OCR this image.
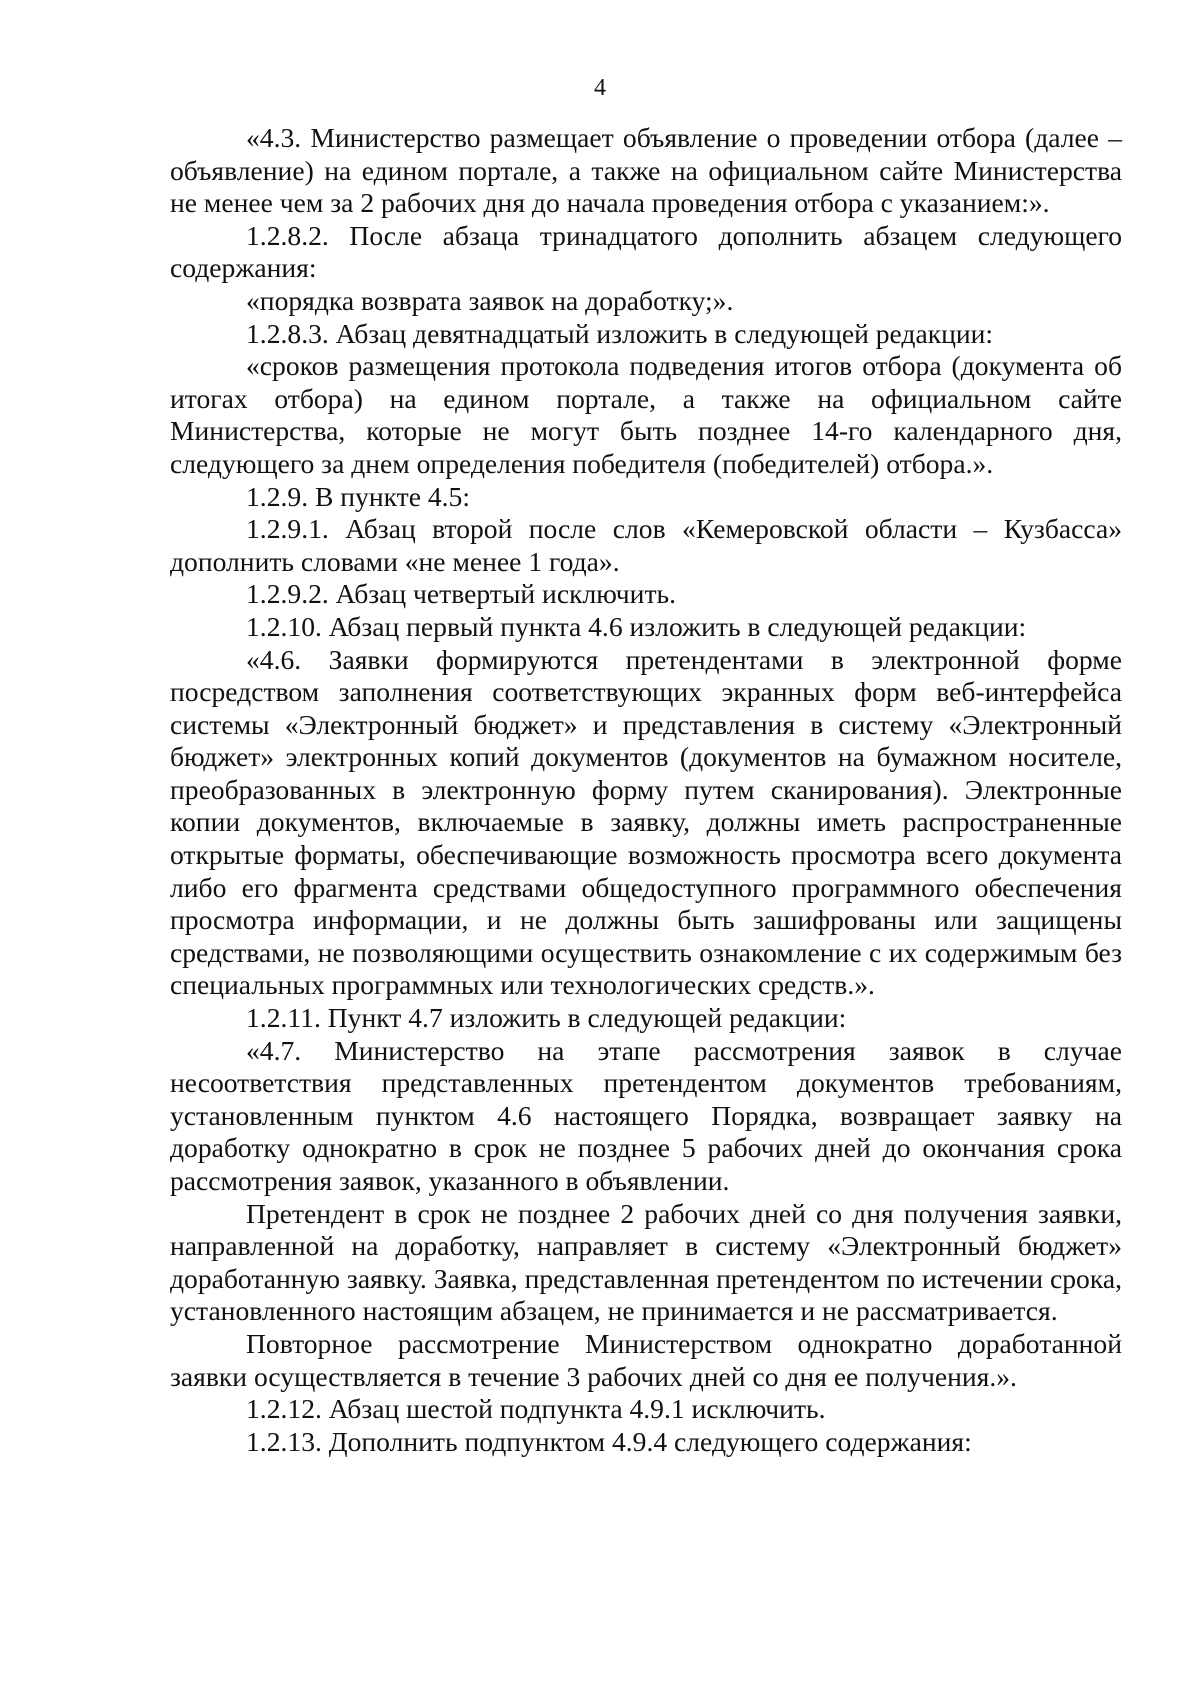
4

«4.3. Министерство размещает объявление о проведении отбора (далее – объявление) на едином портале, а также на официальном сайте Министерства не менее чем за 2 рабочих дня до начала проведения отбора с указанием:».

1.2.8.2. После абзаца тринадцатого дополнить абзацем следующего содержания:

«порядка возврата заявок на доработку;».

1.2.8.3. Абзац девятнадцатый изложить в следующей редакции:

«сроков размещения протокола подведения итогов отбора (документа об итогах отбора) на едином портале, а также на официальном сайте Министерства, которые не могут быть позднее 14-го календарного дня, следующего за днем определения победителя (победителей) отбора.».

1.2.9. В пункте 4.5:

1.2.9.1. Абзац второй после слов «Кемеровской области – Кузбасса» дополнить словами «не менее 1 года».

1.2.9.2. Абзац четвертый исключить.

1.2.10. Абзац первый пункта 4.6 изложить в следующей редакции:

«4.6. Заявки формируются претендентами в электронной форме посредством заполнения соответствующих экранных форм веб-интерфейса системы «Электронный бюджет» и представления в систему «Электронный бюджет» электронных копий документов (документов на бумажном носителе, преобразованных в электронную форму путем сканирования). Электронные копии документов, включаемые в заявку, должны иметь распространенные открытые форматы, обеспечивающие возможность просмотра всего документа либо его фрагмента средствами общедоступного программного обеспечения просмотра информации, и не должны быть зашифрованы или защищены средствами, не позволяющими осуществить ознакомление с их содержимым без специальных программных или технологических средств.».

1.2.11. Пункт 4.7 изложить в следующей редакции:

«4.7. Министерство на этапе рассмотрения заявок в случае несоответствия представленных претендентом документов требованиям, установленным пунктом 4.6 настоящего Порядка, возвращает заявку на доработку однократно в срок не позднее 5 рабочих дней до окончания срока рассмотрения заявок, указанного в объявлении.

Претендент в срок не позднее 2 рабочих дней со дня получения заявки, направленной на доработку, направляет в систему «Электронный бюджет» доработанную заявку. Заявка, представленная претендентом по истечении срока, установленного настоящим абзацем, не принимается и не рассматривается.

Повторное рассмотрение Министерством однократно доработанной заявки осуществляется в течение 3 рабочих дней со дня ее получения.».

1.2.12. Абзац шестой подпункта 4.9.1 исключить.

1.2.13. Дополнить подпунктом 4.9.4 следующего содержания:
